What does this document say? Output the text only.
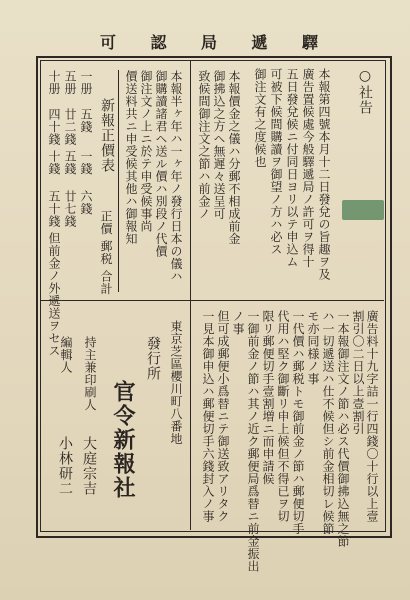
驛
遞
局
認
可
○社告
本報第四號本月十二日發兌の旨趣ヲ及
廣告置候處今般驛遞局ノ許可ヲ得十
五日發兌候ニ付同日ヨリ以テ申込ム
可被下候間購讀ヲ御望ノ方ハ必ス
御注文有之度候也
本報價金之儀ハ分郵不相成前金
御拂込之方ヘ無遲々送呈可
致候間御注文之節ハ前金ノ
本報半ヶ年ハ一ヶ年ノ發行日本の儀ハ
御購讀諸君ヘ送ル價ハ別段ノ代價
御注文ノ上ニ於テ申受候事尚
價送料共ニ申受候其他ハ御報知
新報正價表
一册
五錢
一錢
六錢
五册
廿二錢
五錢
廿七錢
十册
四十錢
十錢
五十錢	正價
郵税
合計
但前金ノ外遞送ヲセス
廣告料十九字詰一行四錢〇十行以上壹
割引〇二日以上壹割引
一本報御注文ノ節ハ必ス代價御拂込無之節
ハ一切遞送ハ仕不候但シ前金相切レ候節
モ亦同様ノ事
一代價ハ郵税トモ御前金ノ節ハ郵便切手
代用ハ堅ク御斷リ申上候但不得已ヲ切
限リ郵便切手壹割増ニ而申請候
一御前金ノ節ハ其ノ近ク郵便局爲替ニ前金振出
ノ事
但可成郵便小爲替ニテ御送致アリタク
一見本御申込ハ郵便切手六錢封入ノ事
東京芝區櫻川町八番地
發行所
官令新報社
持主兼印刷人
大庭宗吉
編輯人
小林研二
